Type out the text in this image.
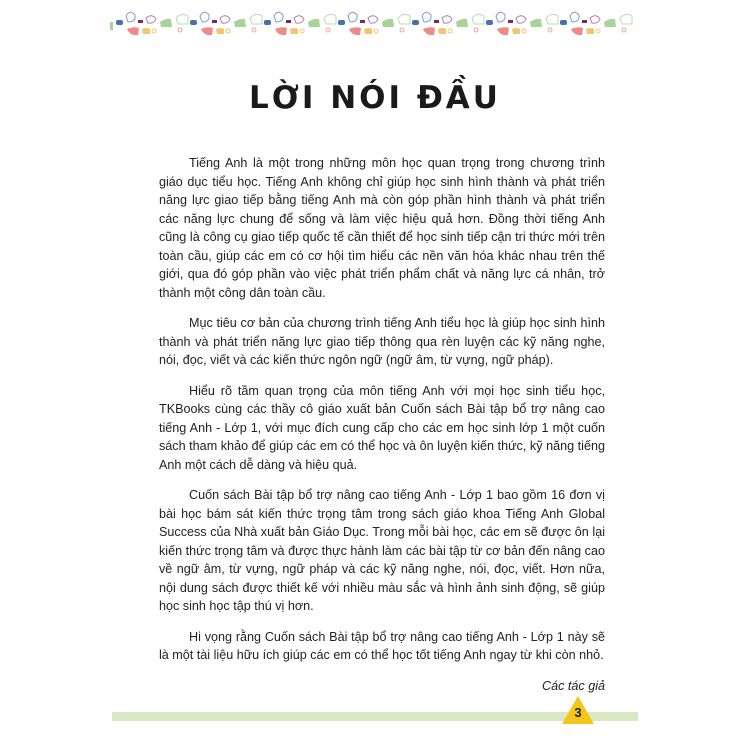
LỜI NÓI ĐẦU

Tiếng Anh là một trong những môn học quan trọng trong chương trình giáo dục tiểu học. Tiếng Anh không chỉ giúp học sinh hình thành và phát triển năng lực giao tiếp bằng tiếng Anh mà còn góp phần hình thành và phát triển các năng lực chung để sống và làm việc hiệu quả hơn. Đồng thời tiếng Anh cũng là công cụ giao tiếp quốc tế cần thiết để học sinh tiếp cận tri thức mới trên toàn cầu, giúp các em có cơ hội tìm hiểu các nền văn hóa khác nhau trên thế giới, qua đó góp phần vào việc phát triển phẩm chất và năng lực cá nhân, trở thành một công dân toàn cầu.

Mục tiêu cơ bản của chương trình tiếng Anh tiểu học là giúp học sinh hình thành và phát triển năng lực giao tiếp thông qua rèn luyện các kỹ năng nghe, nói, đọc, viết và các kiến thức ngôn ngữ (ngữ âm, từ vựng, ngữ pháp).

Hiểu rõ tầm quan trọng của môn tiếng Anh với mọi học sinh tiểu học, TKBooks cùng các thầy cô giáo xuất bản Cuốn sách Bài tập bổ trợ nâng cao tiếng Anh - Lớp 1, với mục đích cung cấp cho các em học sinh lớp 1 một cuốn sách tham khảo để giúp các em có thể học và ôn luyện kiến thức, kỹ năng tiếng Anh một cách dễ dàng và hiệu quả.

Cuốn sách Bài tập bổ trợ nâng cao tiếng Anh - Lớp 1 bao gồm 16 đơn vị bài học bám sát kiến thức trọng tâm trong sách giáo khoa Tiếng Anh Global Success của Nhà xuất bản Giáo Dục. Trong mỗi bài học, các em sẽ được ôn lại kiến thức trọng tâm và được thực hành làm các bài tập từ cơ bản đến nâng cao về ngữ âm, từ vựng, ngữ pháp và các kỹ năng nghe, nói, đọc, viết. Hơn nữa, nội dung sách được thiết kế với nhiều màu sắc và hình ảnh sinh động, sẽ giúp học sinh học tập thú vị hơn.

Hi vọng rằng Cuốn sách Bài tập bổ trợ nâng cao tiếng Anh - Lớp 1 này sẽ là một tài liệu hữu ích giúp các em có thể học tốt tiếng Anh ngay từ khi còn nhỏ.

Các tác giả
3
